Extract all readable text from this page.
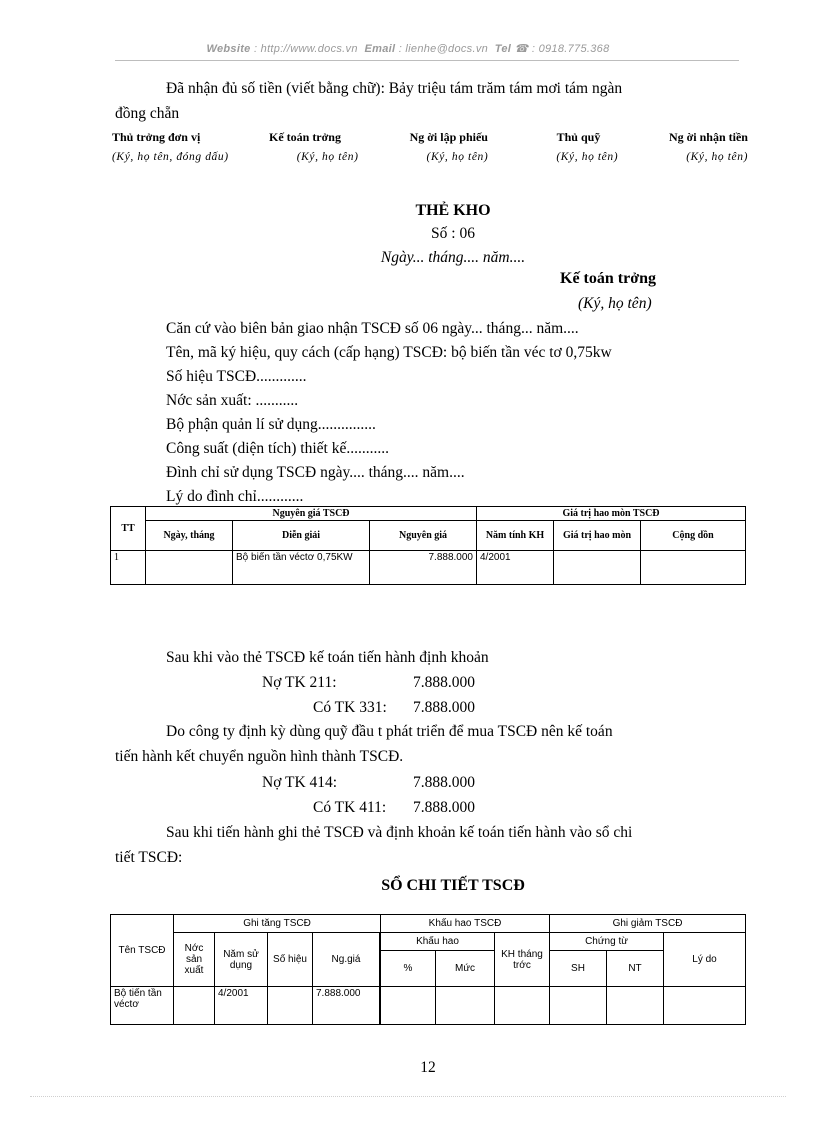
Website : http://www.docs.vn Email : lienhe@docs.vn Tel ☎ : 0918.775.368
Đã nhận đủ số tiền (viết bằng chữ): Bảy triệu tám trăm tám mơi tám ngàn
đồng chẵn
Thủ trởng đơn vị	Kế toán trởng	Ng ời lập phiếu	Thủ quỹ	Ng ời nhận tiền
(Ký, họ tên, đóng dấu)	(Ký, họ tên)	(Ký, họ tên)	(Ký, họ tên)	(Ký, họ tên)
THẺ KHO
Số : 06
Ngày... tháng.... năm....
Kế toán trởng
(Ký, họ tên)
Căn cứ vào biên bản giao nhận TSCĐ số 06 ngày... tháng... năm....
Tên, mã ký hiệu, quy cách (cấp hạng) TSCĐ: bộ biến tần véc tơ 0,75kw
Số hiệu TSCĐ.............
Nớc sản xuất: ...........
Bộ phận quản lí sử dụng...............
Công suất (diện tích) thiết kế...........
Đình chỉ sử dụng TSCĐ ngày.... tháng.... năm....
Lý do đình chỉ............
TT	Nguyên giá TSCĐ			Giá trị hao mòn TSCĐ		
	Ngày, tháng	Diễn giải	Nguyên giá	Năm tính KH	Giá trị hao mòn	Cộng dồn
1		Bộ biến tần véctơ 0,75KW	7.888.000	4/2001		
Sau khi vào thẻ TSCĐ kế toán tiến hành định khoản
Nợ TK 211:	7.888.000
Có TK 331: 7.888.000
Do công ty định kỳ dùng quỹ đầu t phát triển để mua TSCĐ nên kế toán
tiến hành kết chuyển nguồn hình thành TSCĐ.
Nợ TK 414:	7.888.000
Có TK 411: 7.888.000
Sau khi tiến hành ghi thẻ TSCĐ và định khoản kế toán tiến hành vào sổ chi
tiết TSCĐ:
SỔ CHI TIẾT TSCĐ
Tên TSCĐ	Ghi tăng TSCĐ				Khấu hao TSCĐ			Ghi giảm TSCĐ		
	Nớc sản xuất	Năm sử dụng	Số hiệu	Ng.giá		Khấu hao		KH tháng trớc	Chứng từ		Lý do
					%	Mức		SH	NT	
Bộ tiến tần véctơ		4/2001		7.888.000							
12
